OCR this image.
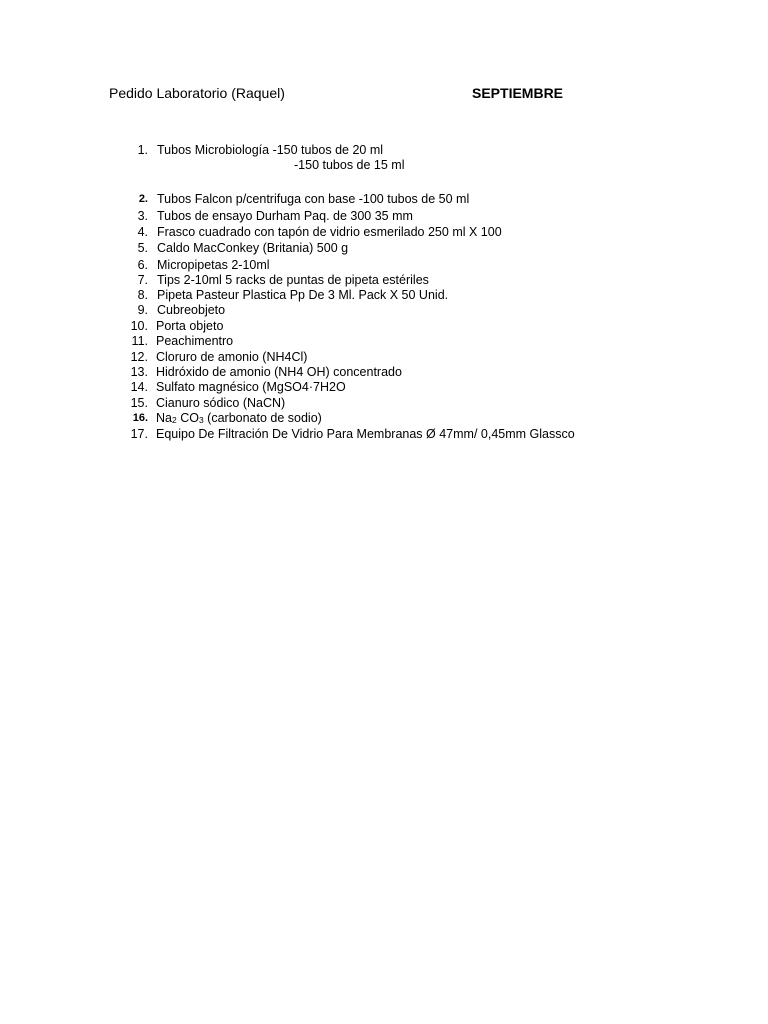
Pedido Laboratorio (Raquel)	SEPTIEMBRE
1. Tubos Microbiología -150 tubos de 20 ml
-150 tubos de 15 ml
2. Tubos Falcon p/centrifuga con base -100 tubos de 50 ml
3. Tubos de ensayo Durham Paq. de 300 35 mm
4. Frasco cuadrado con tapón de vidrio esmerilado 250 ml X 100
5. Caldo MacConkey (Britania) 500 g
6. Micropipetas 2-10ml
7. Tips 2-10ml 5 racks de puntas de pipeta estériles
8. Pipeta Pasteur Plastica Pp De 3 Ml. Pack X 50 Unid.
9. Cubreobjeto
10. Porta objeto
11. Peachimentro
12. Cloruro de amonio (NH4Cl)
13. Hidróxido de amonio (NH4 OH) concentrado
14. Sulfato magnésico (MgSO4·7H2O
15. Cianuro sódico (NaCN)
16. Na2 CO3 (carbonato de sodio)
17. Equipo De Filtración De Vidrio Para Membranas Ø 47mm/ 0,45mm Glassco
